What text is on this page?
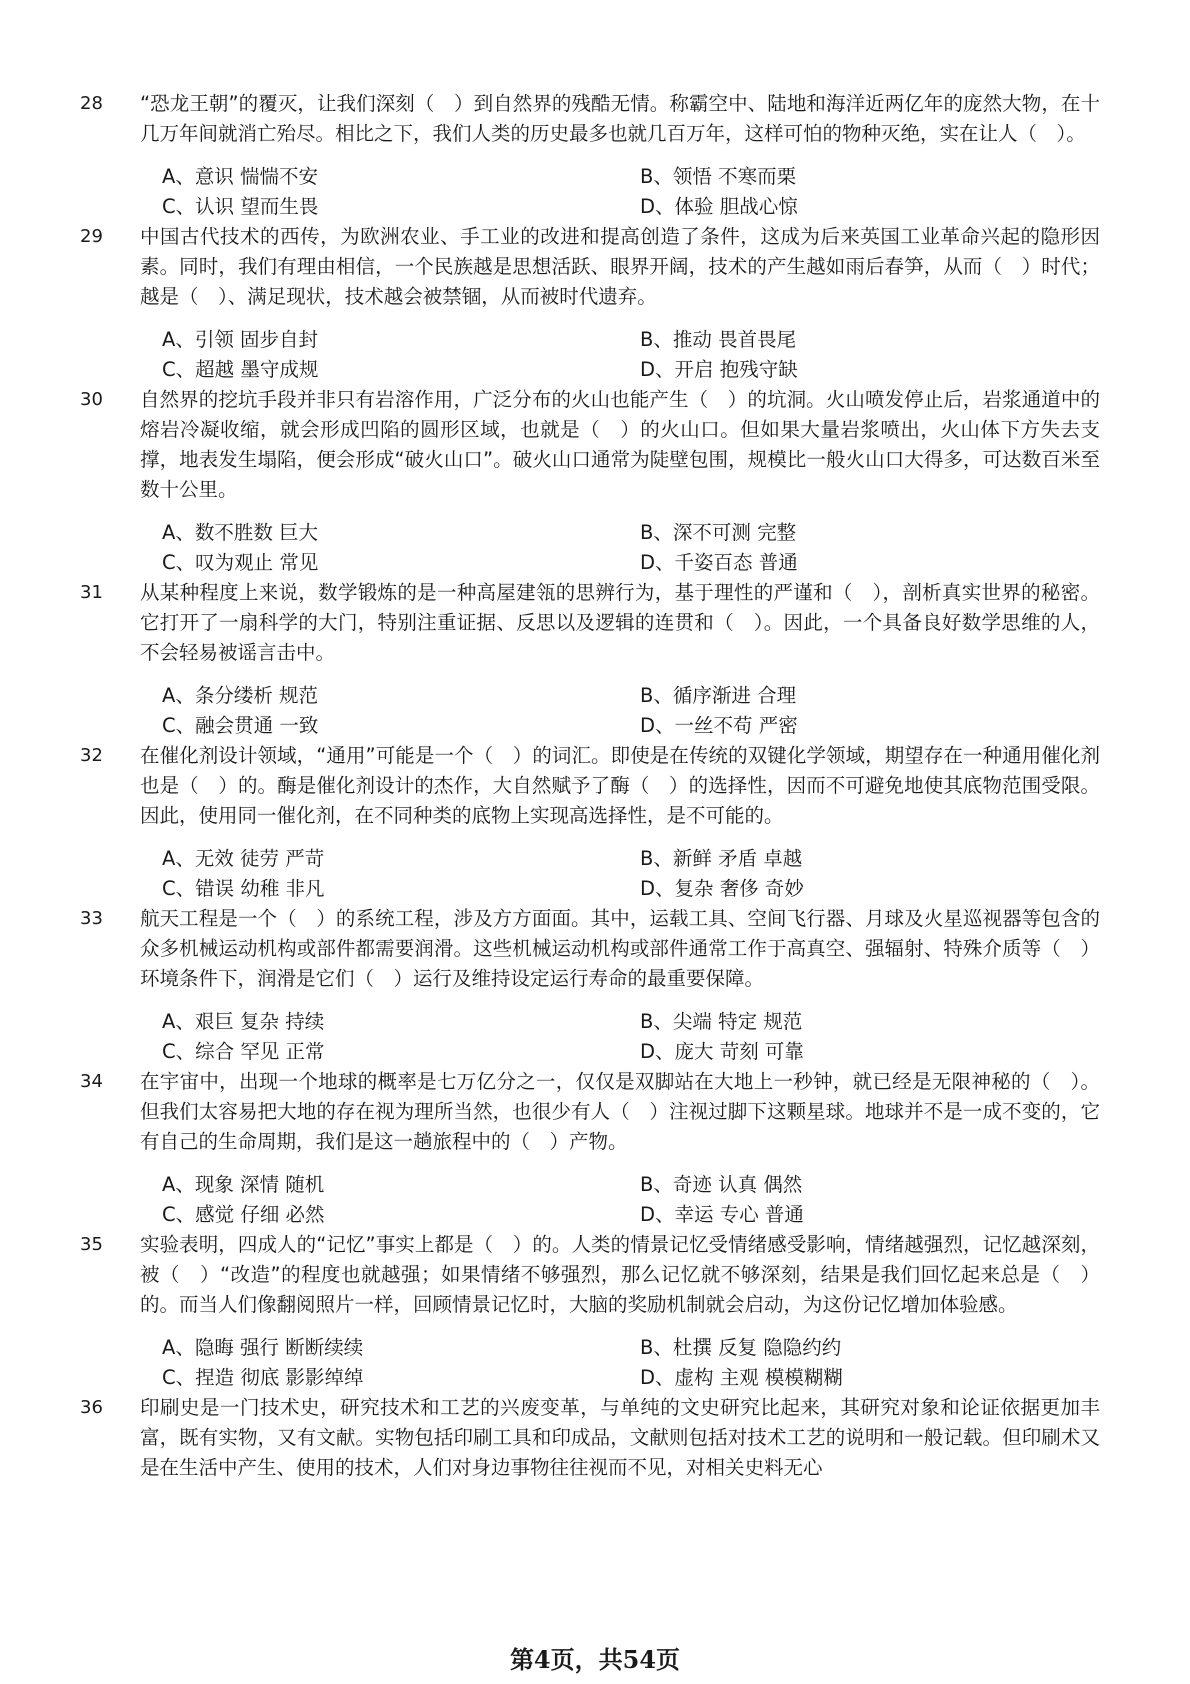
28	“恐龙王朝”的覆灭，让我们深刻（　）到自然界的残酷无情。称霸空中、陆地和海洋近两亿年的庞然大物，在十几万年间就消亡殆尽。相比之下，我们人类的历史最多也就几百万年，这样可怕的物种灭绝，实在让人（　）。
A、意识 惴惴不安	B、领悟 不寒而栗
C、认识 望而生畏	D、体验 胆战心惊
29	中国古代技术的西传，为欧洲农业、手工业的改进和提高创造了条件，这成为后来英国工业革命兴起的隐形因素。同时，我们有理由相信，一个民族越是思想活跃、眼界开阔，技术的产生越如雨后春笋，从而（　）时代；越是（　）、满足现状，技术越会被禁锢，从而被时代遗弃。
A、引领 固步自封	B、推动 畏首畏尾
C、超越 墨守成规	D、开启 抱残守缺
30	自然界的挖坑手段并非只有岩溶作用，广泛分布的火山也能产生（　）的坑洞。火山喷发停止后，岩浆通道中的熔岩冷凝收缩，就会形成凹陷的圆形区域，也就是（　）的火山口。但如果大量岩浆喷出，火山体下方失去支撑，地表发生塌陷，便会形成“破火山口”。破火山口通常为陡壁包围，规模比一般火山口大得多，可达数百米至数十公里。
A、数不胜数 巨大	B、深不可测 完整
C、叹为观止 常见	D、千姿百态 普通
31	从某种程度上来说，数学锻炼的是一种高屋建瓴的思辨行为，基于理性的严谨和（　），剖析真实世界的秘密。它打开了一扇科学的大门，特别注重证据、反思以及逻辑的连贯和（　）。因此，一个具备良好数学思维的人，不会轻易被谣言击中。
A、条分缕析 规范	B、循序渐进 合理
C、融会贯通 一致	D、一丝不苟 严密
32	在催化剂设计领域，“通用”可能是一个（　）的词汇。即使是在传统的双键化学领域，期望存在一种通用催化剂也是（　）的。酶是催化剂设计的杰作，大自然赋予了酶（　）的选择性，因而不可避免地使其底物范围受限。因此，使用同一催化剂，在不同种类的底物上实现高选择性，是不可能的。
A、无效 徒劳 严苛	B、新鲜 矛盾 卓越
C、错误 幼稚 非凡	D、复杂 奢侈 奇妙
33	航天工程是一个（　）的系统工程，涉及方方面面。其中，运载工具、空间飞行器、月球及火星巡视器等包含的众多机械运动机构或部件都需要润滑。这些机械运动机构或部件通常工作于高真空、强辐射、特殊介质等（　）环境条件下，润滑是它们（　）运行及维持设定运行寿命的最重要保障。
A、艰巨 复杂 持续	B、尖端 特定 规范
C、综合 罕见 正常	D、庞大 苛刻 可靠
34	在宇宙中，出现一个地球的概率是七万亿分之一，仅仅是双脚站在大地上一秒钟，就已经是无限神秘的（　）。但我们太容易把大地的存在视为理所当然，也很少有人（　）注视过脚下这颗星球。地球并不是一成不变的，它有自己的生命周期，我们是这一趟旅程中的（　）产物。
A、现象 深情 随机	B、奇迹 认真 偶然
C、感觉 仔细 必然	D、幸运 专心 普通
35	实验表明，四成人的“记忆”事实上都是（　）的。人类的情景记忆受情绪感受影响，情绪越强烈，记忆越深刻，被（　）“改造”的程度也就越强；如果情绪不够强烈，那么记忆就不够深刻，结果是我们回忆起来总是（　）的。而当人们像翻阅照片一样，回顾情景记忆时，大脑的奖励机制就会启动，为这份记忆增加体验感。
A、隐晦 强行 断断续续	B、杜撰 反复 隐隐约约
C、捏造 彻底 影影绰绰	D、虚构 主观 模模糊糊
36	印刷史是一门技术史，研究技术和工艺的兴废变革，与单纯的文史研究比起来，其研究对象和论证依据更加丰富，既有实物，又有文献。实物包括印刷工具和印成品，文献则包括对技术工艺的说明和一般记载。但印刷术又是在生活中产生、使用的技术，人们对身边事物往往视而不见，对相关史料无心
第4页，共54页
